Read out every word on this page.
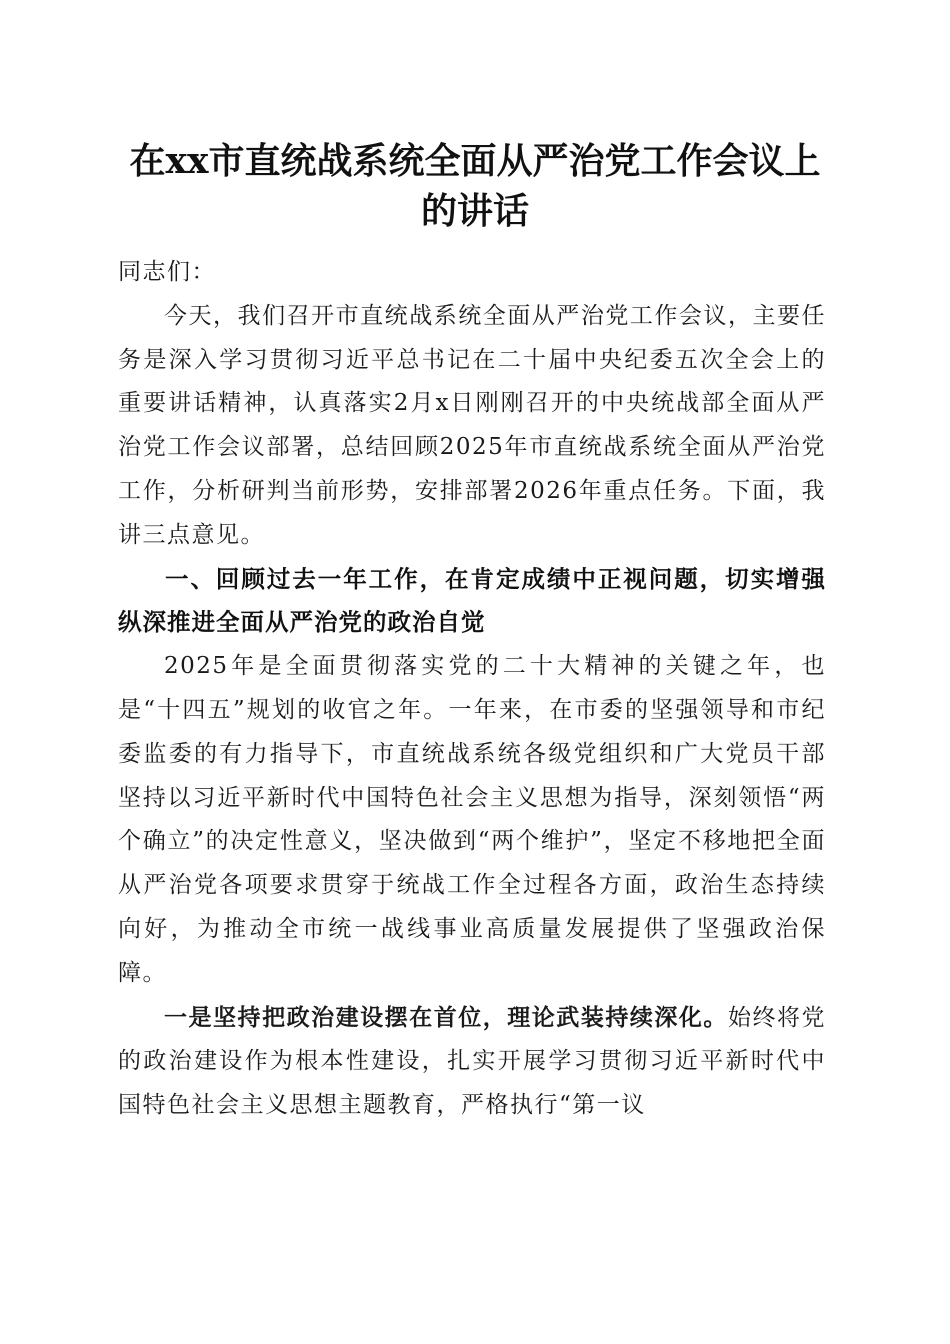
在xx市直统战系统全面从严治党工作会议上的讲话

同志们：

今天，我们召开市直统战系统全面从严治党工作会议，主要任务是深入学习贯彻习近平总书记在二十届中央纪委五次全会上的重要讲话精神，认真落实2月x日刚刚召开的中央统战部全面从严治党工作会议部署，总结回顾2025年市直统战系统全面从严治党工作，分析研判当前形势，安排部署2026年重点任务。下面，我讲三点意见。

一、回顾过去一年工作，在肯定成绩中正视问题，切实增强纵深推进全面从严治党的政治自觉

2025年是全面贯彻落实党的二十大精神的关键之年，也是“十四五”规划的收官之年。一年来，在市委的坚强领导和市纪委监委的有力指导下，市直统战系统各级党组织和广大党员干部坚持以习近平新时代中国特色社会主义思想为指导，深刻领悟“两个确立”的决定性意义，坚决做到“两个维护”，坚定不移地把全面从严治党各项要求贯穿于统战工作全过程各方面，政治生态持续向好，为推动全市统一战线事业高质量发展提供了坚强政治保障。

一是坚持把政治建设摆在首位，理论武装持续深化。始终将党的政治建设作为根本性建设，扎实开展学习贯彻习近平新时代中国特色社会主义思想主题教育，严格执行“第一议
